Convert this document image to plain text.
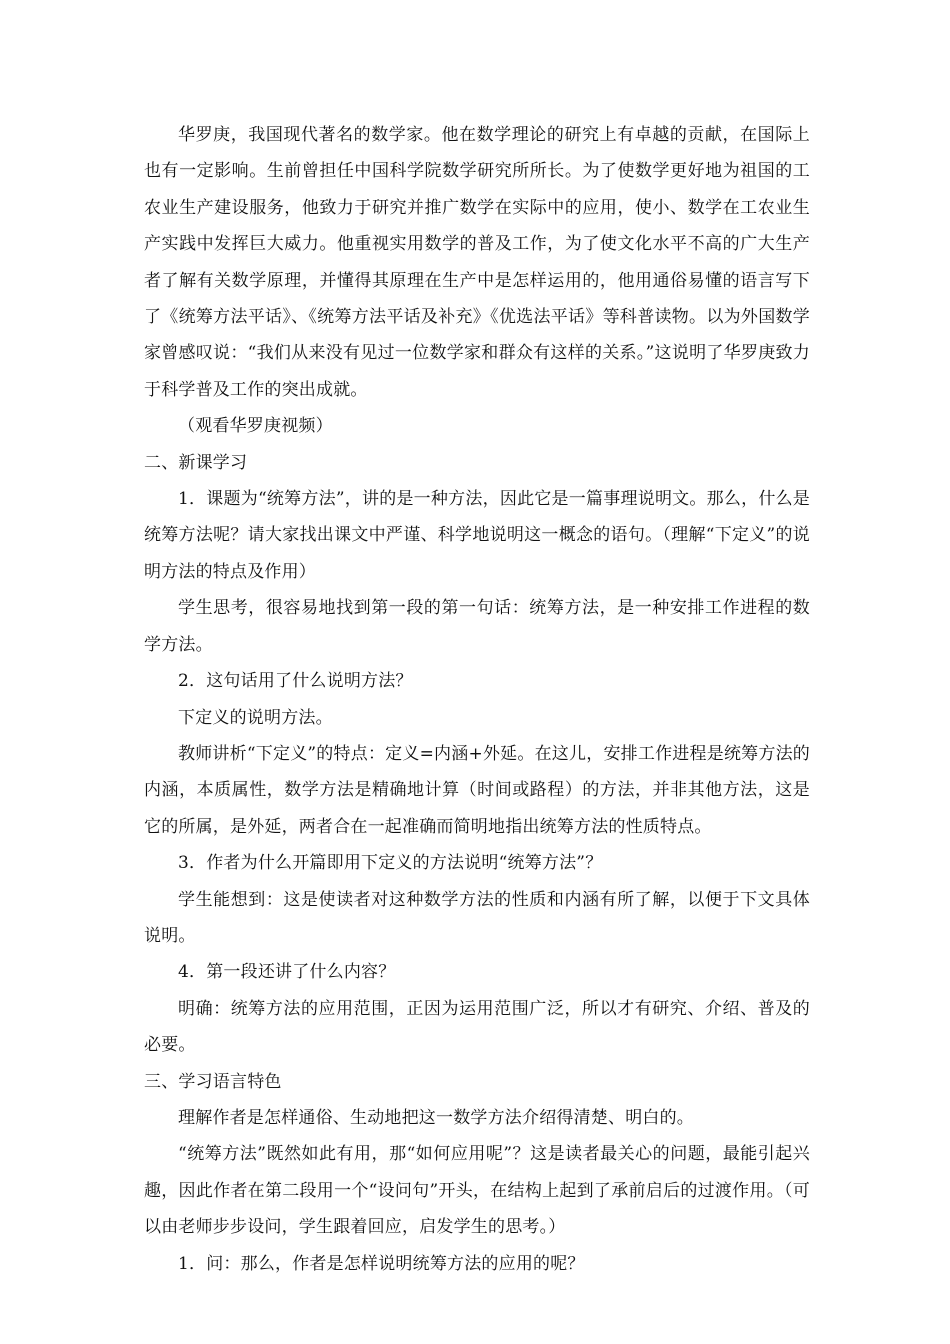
华罗庚，我国现代著名的数学家。他在数学理论的研究上有卓越的贡献，在国际上也有一定影响。生前曾担任中国科学院数学研究所所长。为了使数学更好地为祖国的工农业生产建设服务，他致力于研究并推广数学在实际中的应用，使小、数学在工农业生产实践中发挥巨大威力。他重视实用数学的普及工作，为了使文化水平不高的广大生产者了解有关数学原理，并懂得其原理在生产中是怎样运用的，他用通俗易懂的语言写下了《统筹方法平话》、《统筹方法平话及补充》《优选法平话》等科普读物。以为外国数学家曾感叹说：“我们从来没有见过一位数学家和群众有这样的关系。”这说明了华罗庚致力于科学普及工作的突出成就。

（观看华罗庚视频）

二、新课学习

1．课题为“统筹方法”，讲的是一种方法，因此它是一篇事理说明文。那么，什么是统筹方法呢？请大家找出课文中严谨、科学地说明这一概念的语句。（理解“下定义”的说明方法的特点及作用）

学生思考，很容易地找到第一段的第一句话：统筹方法，是一种安排工作进程的数学方法。

2．这句话用了什么说明方法？

下定义的说明方法。

教师讲析“下定义”的特点：定义=内涵+外延。在这儿，安排工作进程是统筹方法的内涵，本质属性，数学方法是精确地计算（时间或路程）的方法，并非其他方法，这是它的所属，是外延，两者合在一起准确而简明地指出统筹方法的性质特点。

3．作者为什么开篇即用下定义的方法说明“统筹方法”？

学生能想到：这是使读者对这种数学方法的性质和内涵有所了解，以便于下文具体说明。

4．第一段还讲了什么内容？

明确：统筹方法的应用范围，正因为运用范围广泛，所以才有研究、介绍、普及的必要。

三、学习语言特色

理解作者是怎样通俗、生动地把这一数学方法介绍得清楚、明白的。

“统筹方法”既然如此有用，那“如何应用呢”？这是读者最关心的问题，最能引起兴趣，因此作者在第二段用一个“设问句”开头，在结构上起到了承前启后的过渡作用。（可以由老师步步设问，学生跟着回应，启发学生的思考。）

1．问：那么，作者是怎样说明统筹方法的应用的呢？
